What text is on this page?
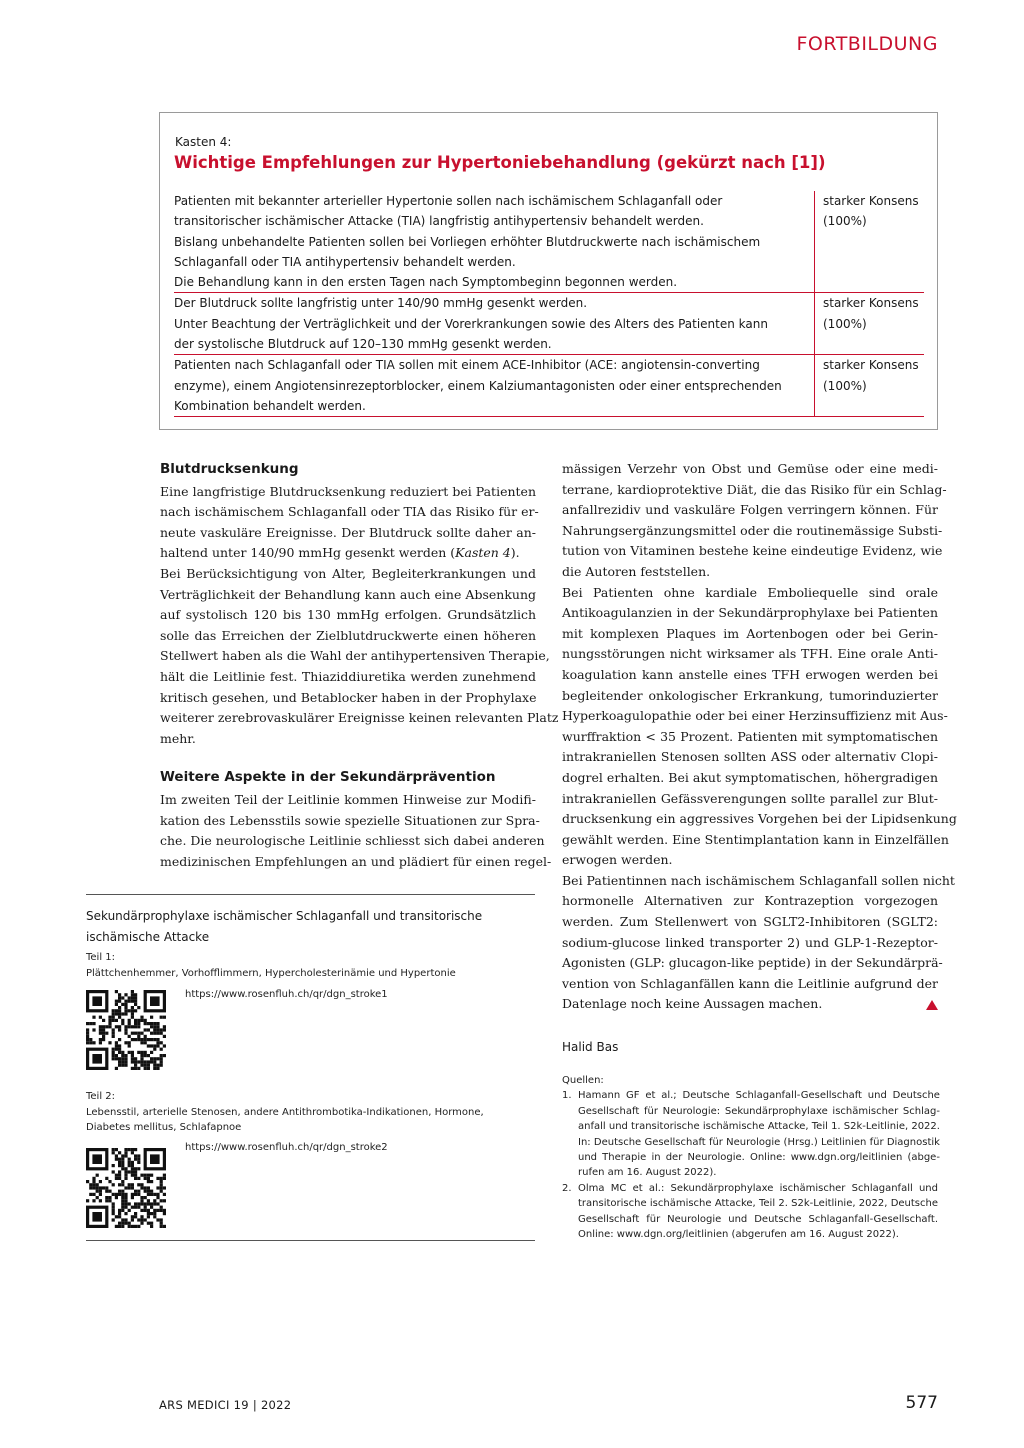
FORTBILDUNG
Kasten 4:
Wichtige Empfehlungen zur Hypertoniebehandlung (gekürzt nach [1])
Patienten mit bekannter arterieller Hypertonie sollen nach ischämischem Schlaganfall oder
transitorischer ischämischer Attacke (TIA) langfristig antihypertensiv behandelt werden.
Bislang unbehandelte Patienten sollen bei Vorliegen erhöhter Blutdruckwerte nach ischämischem
Schlaganfall oder TIA antihypertensiv behandelt werden.
Die Behandlung kann in den ersten Tagen nach Symptombeginn begonnen werden.
starker Konsens
(100%)
Der Blutdruck sollte langfristig unter 140/90 mmHg gesenkt werden.
Unter Beachtung der Verträglichkeit und der Vorerkrankungen sowie des Alters des Patienten kann
der systolische Blutdruck auf 120–130 mmHg gesenkt werden.
starker Konsens
(100%)
Patienten nach Schlaganfall oder TIA sollen mit einem ACE-Inhibitor (ACE: angiotensin-converting
enzyme), einem Angiotensinrezeptorblocker, einem Kalziumantagonisten oder einer entsprechenden
Kombination behandelt werden.
starker Konsens
(100%)
Blutdrucksenkung
Eine langfristige Blutdrucksenkung reduziert bei Patienten
nach ischämischem Schlaganfall oder TIA das Risiko für er-
neute vaskuläre Ereignisse. Der Blutdruck sollte daher an-
haltend unter 140/90 mmHg gesenkt werden (Kasten 4).
Bei Berücksichtigung von Alter, Begleiterkrankungen und
Verträglichkeit der Behandlung kann auch eine Absenkung
auf systolisch 120 bis 130 mmHg erfolgen. Grundsätzlich
solle das Erreichen der Zielblutdruckwerte einen höheren
Stellwert haben als die Wahl der antihypertensiven Therapie,
hält die Leitlinie fest. Thiaziddiuretika werden zunehmend
kritisch gesehen, und Betablocker haben in der Prophylaxe
weiterer zerebrovaskulärer Ereignisse keinen relevanten Platz
mehr.
Weitere Aspekte in der Sekundärprävention
Im zweiten Teil der Leitlinie kommen Hinweise zur Modifi-
kation des Lebensstils sowie spezielle Situationen zur Spra-
che. Die neurologische Leitlinie schliesst sich dabei anderen
medizinischen Empfehlungen an und plädiert für einen regel-
mässigen Verzehr von Obst und Gemüse oder eine medi-
terrane, kardioprotektive Diät, die das Risiko für ein Schlag-
anfallrezidiv und vaskuläre Folgen verringern können. Für
Nahrungsergänzungsmittel oder die routinemässige Substi-
tution von Vitaminen bestehe keine eindeutige Evidenz, wie
die Autoren feststellen.
Bei Patienten ohne kardiale Emboliequelle sind orale
Antikoagulanzien in der Sekundärprophylaxe bei Patienten
mit komplexen Plaques im Aortenbogen oder bei Gerin-
nungsstörungen nicht wirksamer als TFH. Eine orale Anti-
koagulation kann anstelle eines TFH erwogen werden bei
begleitender onkologischer Erkrankung, tumorinduzierter
Hyperkoagulopathie oder bei einer Herzinsuffizienz mit Aus-
wurffraktion < 35 Prozent. Patienten mit symptomatischen
intrakraniellen Stenosen sollten ASS oder alternativ Clopi-
dogrel erhalten. Bei akut symptomatischen, höhergradigen
intrakraniellen Gefässverengungen sollte parallel zur Blut-
drucksenkung ein aggressives Vorgehen bei der Lipidsenkung
gewählt werden. Eine Stentimplantation kann in Einzelfällen
erwogen werden.
Bei Patientinnen nach ischämischem Schlaganfall sollen nicht
hormonelle Alternativen zur Kontrazeption vorgezogen
werden. Zum Stellenwert von SGLT2-Inhibitoren (SGLT2:
sodium-glucose linked transporter 2) und GLP-1-Rezeptor-
Agonisten (GLP: glucagon-like peptide) in der Sekundärprä-
vention von Schlaganfällen kann die Leitlinie aufgrund der
Datenlage noch keine Aussagen machen.
Sekundärprophylaxe ischämischer Schlaganfall und transitorische
ischämische Attacke
Teil 1:
Plättchenhemmer, Vorhofflimmern, Hypercholesterinämie und Hypertonie
https://www.rosenfluh.ch/qr/dgn_stroke1
Teil 2:
Lebensstil, arterielle Stenosen, andere Antithrombotika-Indikationen, Hormone, Diabetes mellitus, Schlafapnoe
https://www.rosenfluh.ch/qr/dgn_stroke2
Halid Bas
Quellen:
1. Hamann GF et al.; Deutsche Schlaganfall-Gesellschaft und Deutsche
Gesellschaft für Neurologie: Sekundärprophylaxe ischämischer Schlag-
anfall und transitorische ischämische Attacke, Teil 1. S2k-Leitlinie, 2022.
In: Deutsche Gesellschaft für Neurologie (Hrsg.) Leitlinien für Diagnostik
und Therapie in der Neurologie. Online: www.dgn.org/leitlinien (abge-
rufen am 16. August 2022).
2. Olma MC et al.: Sekundärprophylaxe ischämischer Schlaganfall und
transitorische ischämische Attacke, Teil 2. S2k-Leitlinie, 2022, Deutsche
Gesellschaft für Neurologie und Deutsche Schlaganfall-Gesellschaft.
Online: www.dgn.org/leitlinien (abgerufen am 16. August 2022).
ARS MEDICI 19 | 2022	577
